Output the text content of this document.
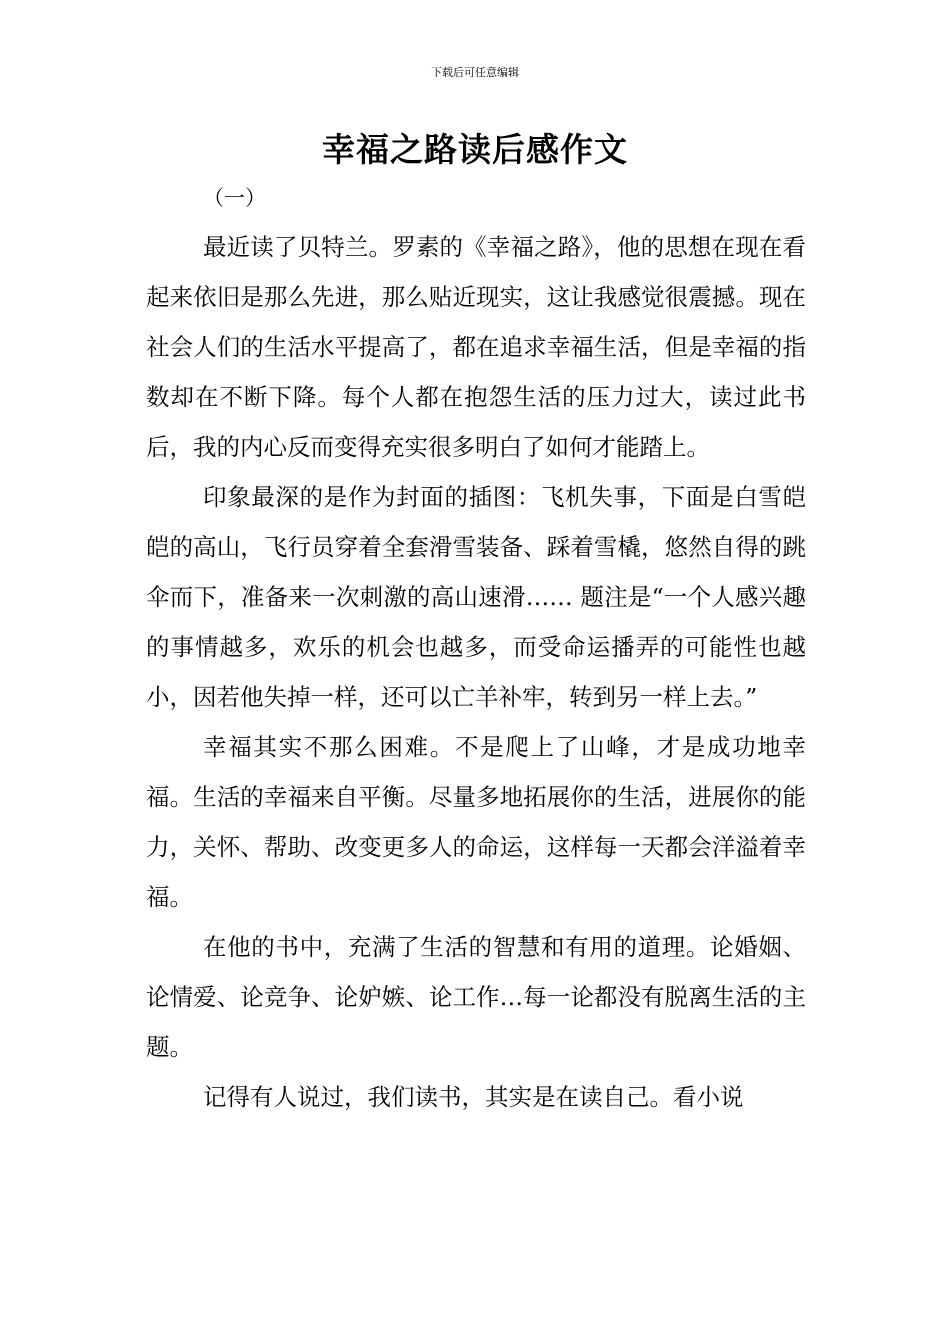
下载后可任意编辑
幸福之路读后感作文
（一）

最近读了贝特兰。罗素的《幸福之路》，他的思想在现在看起来依旧是那么先进，那么贴近现实，这让我感觉很震撼。现在社会人们的生活水平提高了，都在追求幸福生活，但是幸福的指数却在不断下降。每个人都在抱怨生活的压力过大，读过此书后，我的内心反而变得充实很多明白了如何才能踏上。

印象最深的是作为封面的插图：飞机失事，下面是白雪皑皑的高山，飞行员穿着全套滑雪装备、踩着雪橇，悠然自得的跳伞而下，准备来一次刺激的高山速滑…… 题注是“一个人感兴趣的事情越多，欢乐的机会也越多，而受命运播弄的可能性也越小，因若他失掉一样，还可以亡羊补牢，转到另一样上去。”

幸福其实不那么困难。不是爬上了山峰，才是成功地幸福。生活的幸福来自平衡。尽量多地拓展你的生活，进展你的能力，关怀、帮助、改变更多人的命运，这样每一天都会洋溢着幸福。

在他的书中，充满了生活的智慧和有用的道理。论婚姻、论情爱、论竞争、论妒嫉、论工作…每一论都没有脱离生活的主题。

记得有人说过，我们读书，其实是在读自己。看小说
